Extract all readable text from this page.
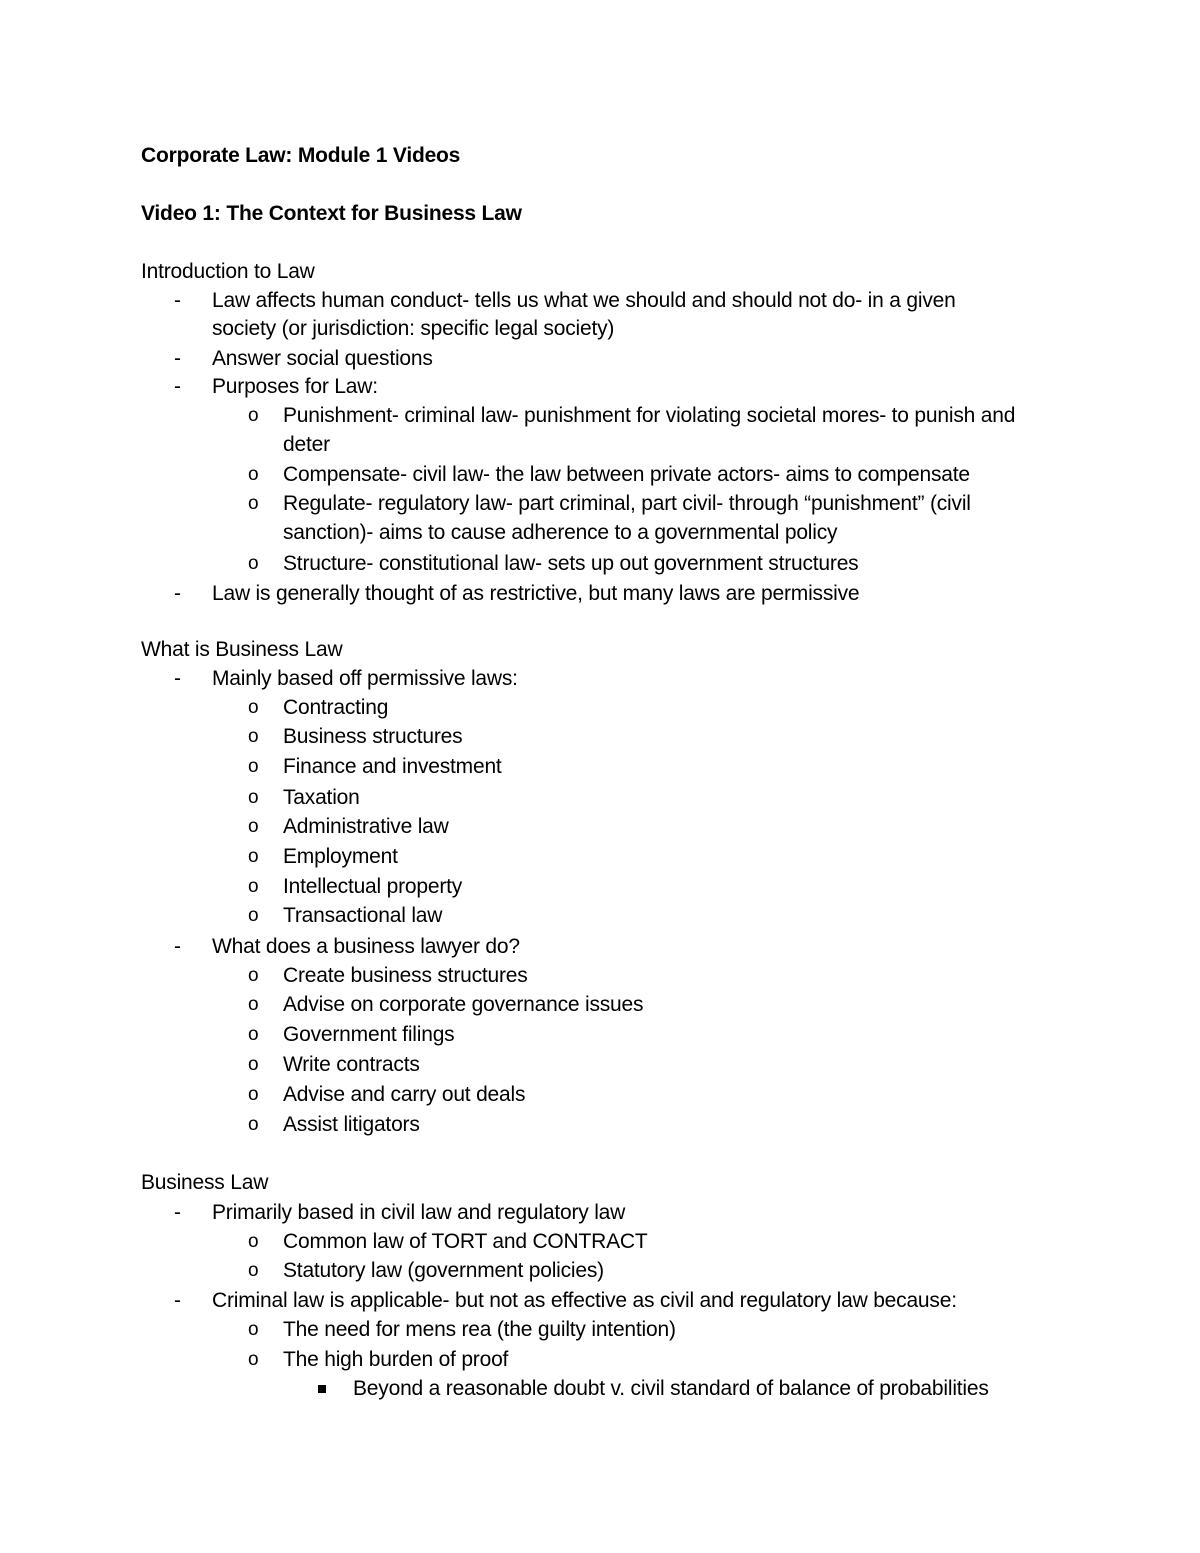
Corporate Law: Module 1 Videos
Video 1: The Context for Business Law
Introduction to Law
- Law affects human conduct- tells us what we should and should not do- in a given
society (or jurisdiction: specific legal society)
- Answer social questions
- Purposes for Law:
o Punishment- criminal law- punishment for violating societal mores- to punish and
deter
o Compensate- civil law- the law between private actors- aims to compensate
o Regulate- regulatory law- part criminal, part civil- through “punishment” (civil
sanction)- aims to cause adherence to a governmental policy
o Structure- constitutional law- sets up out government structures
- Law is generally thought of as restrictive, but many laws are permissive
What is Business Law
- Mainly based off permissive laws:
o Contracting
o Business structures
o Finance and investment
o Taxation
o Administrative law
o Employment
o Intellectual property
o Transactional law
- What does a business lawyer do?
o Create business structures
o Advise on corporate governance issues
o Government filings
o Write contracts
o Advise and carry out deals
o Assist litigators
Business Law
- Primarily based in civil law and regulatory law
o Common law of TORT and CONTRACT
o Statutory law (government policies)
- Criminal law is applicable- but not as effective as civil and regulatory law because:
o The need for mens rea (the guilty intention)
o The high burden of proof
Beyond a reasonable doubt v. civil standard of balance of probabilities
